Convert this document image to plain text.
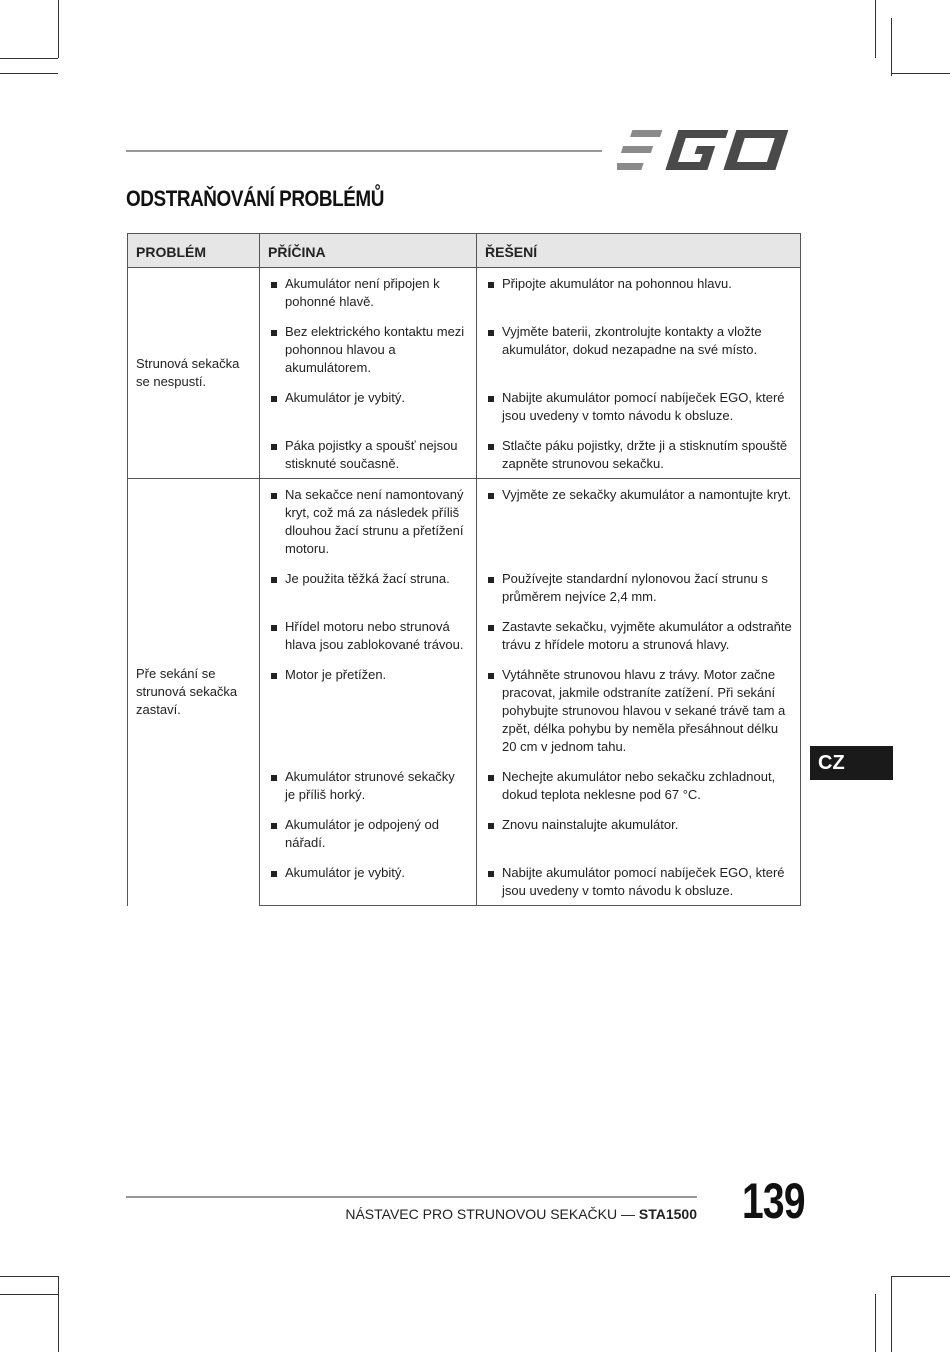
ODSTRAŇOVÁNÍ PROBLÉMŮ
PROBLÉM	PŘÍČINA	ŘEŠENÍ
Strunová sekačka se nespustí.	Akumulátor není připojen k pohonné hlavě.	Připojte akumulátor na pohonnou hlavu.

Bez elektrického kontaktu mezi pohonnou hlavou a akumulátorem.	Vyjměte baterii, zkontrolujte kontakty a vložte akumulátor, dokud nezapadne na své místo.

Akumulátor je vybitý.	Nabijte akumulátor pomocí nabíječek EGO, které jsou uvedeny v tomto návodu k obsluze.

Páka pojistky a spoušť nejsou stisknuté současně.	Stlačte páku pojistky, držte ji a stisknutím spouště zapněte strunovou sekačku.

Pře sekání se strunová sekačka zastaví.	Na sekačce není namontovaný kryt, což má za následek příliš dlouhou žací strunu a přetížení motoru.	Vyjměte ze sekačky akumulátor a namontujte kryt.

Je použita těžká žací struna.	Používejte standardní nylonovou žací strunu s průměrem nejvíce 2,4 mm.

Hřídel motoru nebo strunová hlava jsou zablokované trávou.	Zastavte sekačku, vyjměte akumulátor a odstraňte trávu z hřídele motoru a strunová hlavy.

Motor je přetížen.	Vytáhněte strunovou hlavu z trávy. Motor začne pracovat, jakmile odstraníte zatížení. Při sekání pohybujte strunovou hlavou v sekané trávě tam a zpět, délka pohybu by neměla přesáhnout délku 20 cm v jednom tahu.

Akumulátor strunové sekačky je příliš horký.	Nechejte akumulátor nebo sekačku zchladnout, dokud teplota neklesne pod 67 °C.

Akumulátor je odpojený od nářadí.	Znovu nainstalujte akumulátor.

Akumulátor je vybitý.	Nabijte akumulátor pomocí nabíječek EGO, které jsou uvedeny v tomto návodu k obsluze.
CZ
NÁSTAVEC PRO STRUNOVOU SEKAČKU — STA1500 139
